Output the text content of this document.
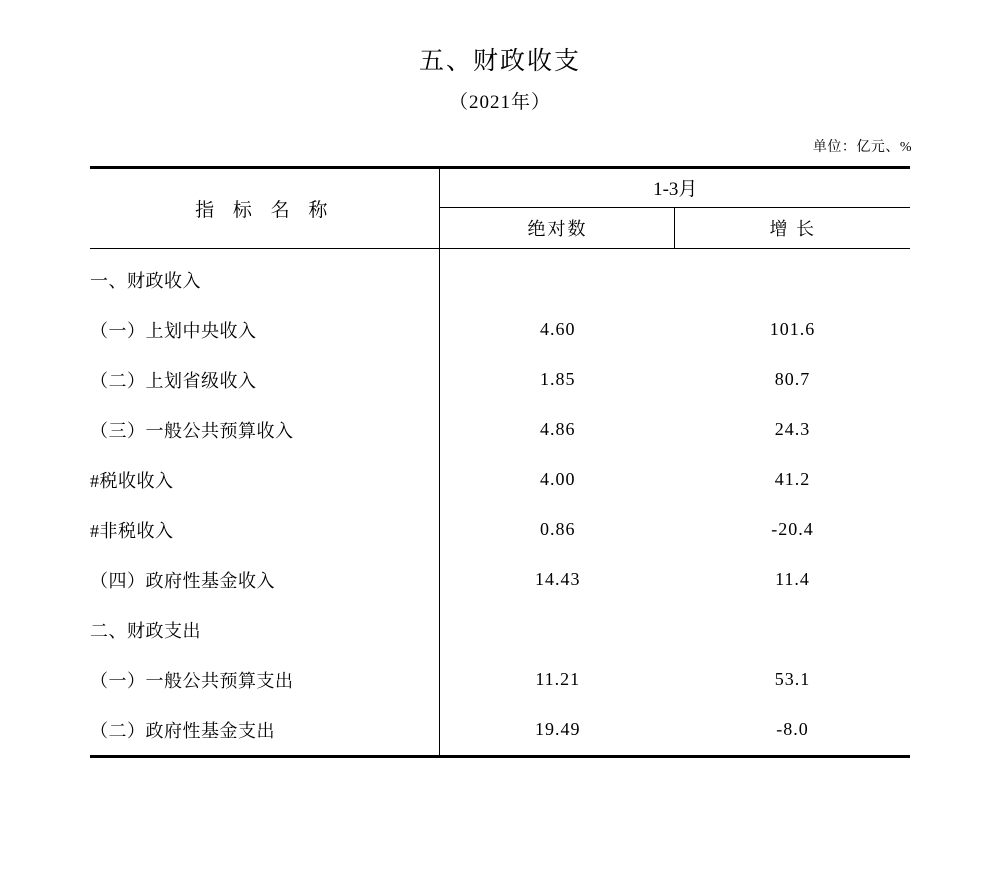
五、财政收支
（2021年）
单位：亿元、%
指 标 名 称	1-3月	
	绝对数	增 长
一、财政收入		
（一）上划中央收入	4.60	101.6
（二）上划省级收入	1.85	80.7
（三）一般公共预算收入	4.86	24.3
#税收收入	4.00	41.2
#非税收入	0.86	-20.4
（四）政府性基金收入	14.43	11.4
二、财政支出		
（一）一般公共预算支出	11.21	53.1
（二）政府性基金支出	19.49	-8.0
